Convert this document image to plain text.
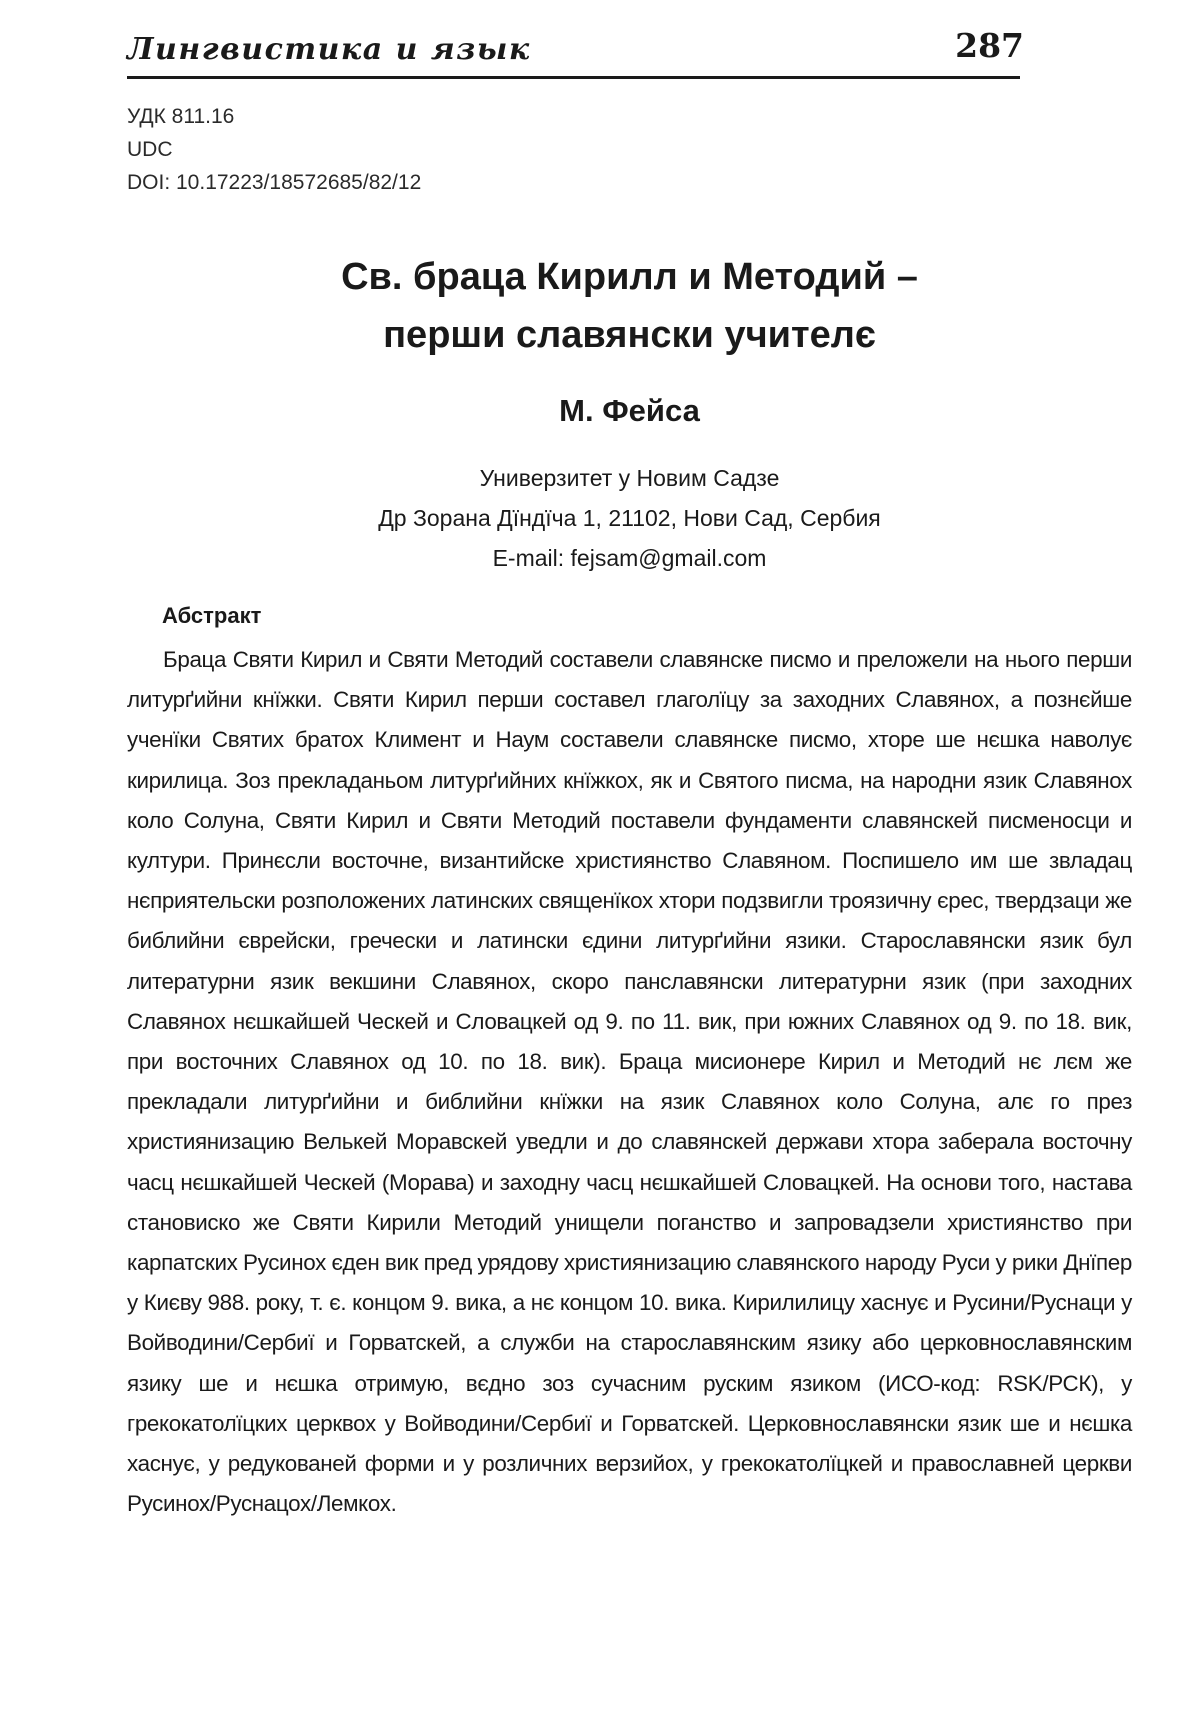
Лингвистика и язык	287
УДК 811.16
UDC
DOI: 10.17223/18572685/82/12
Св. браца Кирилл и Методий –
перши славянски учителє
М. Фейса
Универзитет у Новим Садзе
Др Зорана Дїндїча 1, 21102, Нови Сад, Сербия
E-mail: fejsam@gmail.com
Абстракт

Браца Святи Кирил и Святи Методий составели славянске писмо и преложели на нього перши литурґийни кнїжки. Святи Кирил перши составел глаголїцу за заходних Славянох, а познєйше ученїки Святих братох Климент и Наум составели славянске писмо, хторе ше нєшка наволує кирилица. Зоз прекладаньом литурґийних кнїжкох, як и Святого писма, на народни язик Славянох коло Солуна, Святи Кирил и Святи Методий поставели фундаменти славянскей писменосци и култури. Принєсли восточне, византийске християнство Славяном. Поспишело им ше звладац нєприятельски розположених латинских священїкох хтори подзвигли троязичну єрес, твердзаци же библийни єврейски, гречески и латински єдини литурґийни язики. Старославянски язик бул литературни язик векшини Славянох, скоро панславянски литературни язик (при заходних Славянох нєшкайшей Ческей и Словацкей од 9. по 11. вик, при южних Славянох од 9. по 18. вик, при восточних Славянох од 10. по 18. вик). Браца мисионере Кирил и Методий нє лєм же прекладали литурґийни и библийни кнїжки на язик Славянох коло Солуна, алє го през християнизацию Велькей Моравскей уведли и до славянскей держави хтора заберала восточну часц нєшкайшей Ческей (Морава) и заходну часц нєшкайшей Словацкей. На основи того, настава становиско же Святи Кирили Методий унищели поганство и запровадзели християнство при карпатских Русинох єден вик пред урядову християнизацию славянского народу Руси у рики Днїпер у Києву 988. року, т. є. концом 9. вика, а нє концом 10. вика. Кирилилицу хаснує и Русини/Руснаци у Войводини/Сербиї и Горватскей, а служби на старославянским язику або церковнославянским язику ше и нєшка отримую, вєдно зоз сучасним руским язиком (ИСО-код: RSK/РСК), у грекокатолїцких церквох у Войводини/Сербиї и Горватскей. Церковнославянски язик ше и нєшка хаснує, у редукованей форми и у розличних верзийох, у грекокатолїцкей и православней церкви Русинох/Руснацох/Лемкох.
